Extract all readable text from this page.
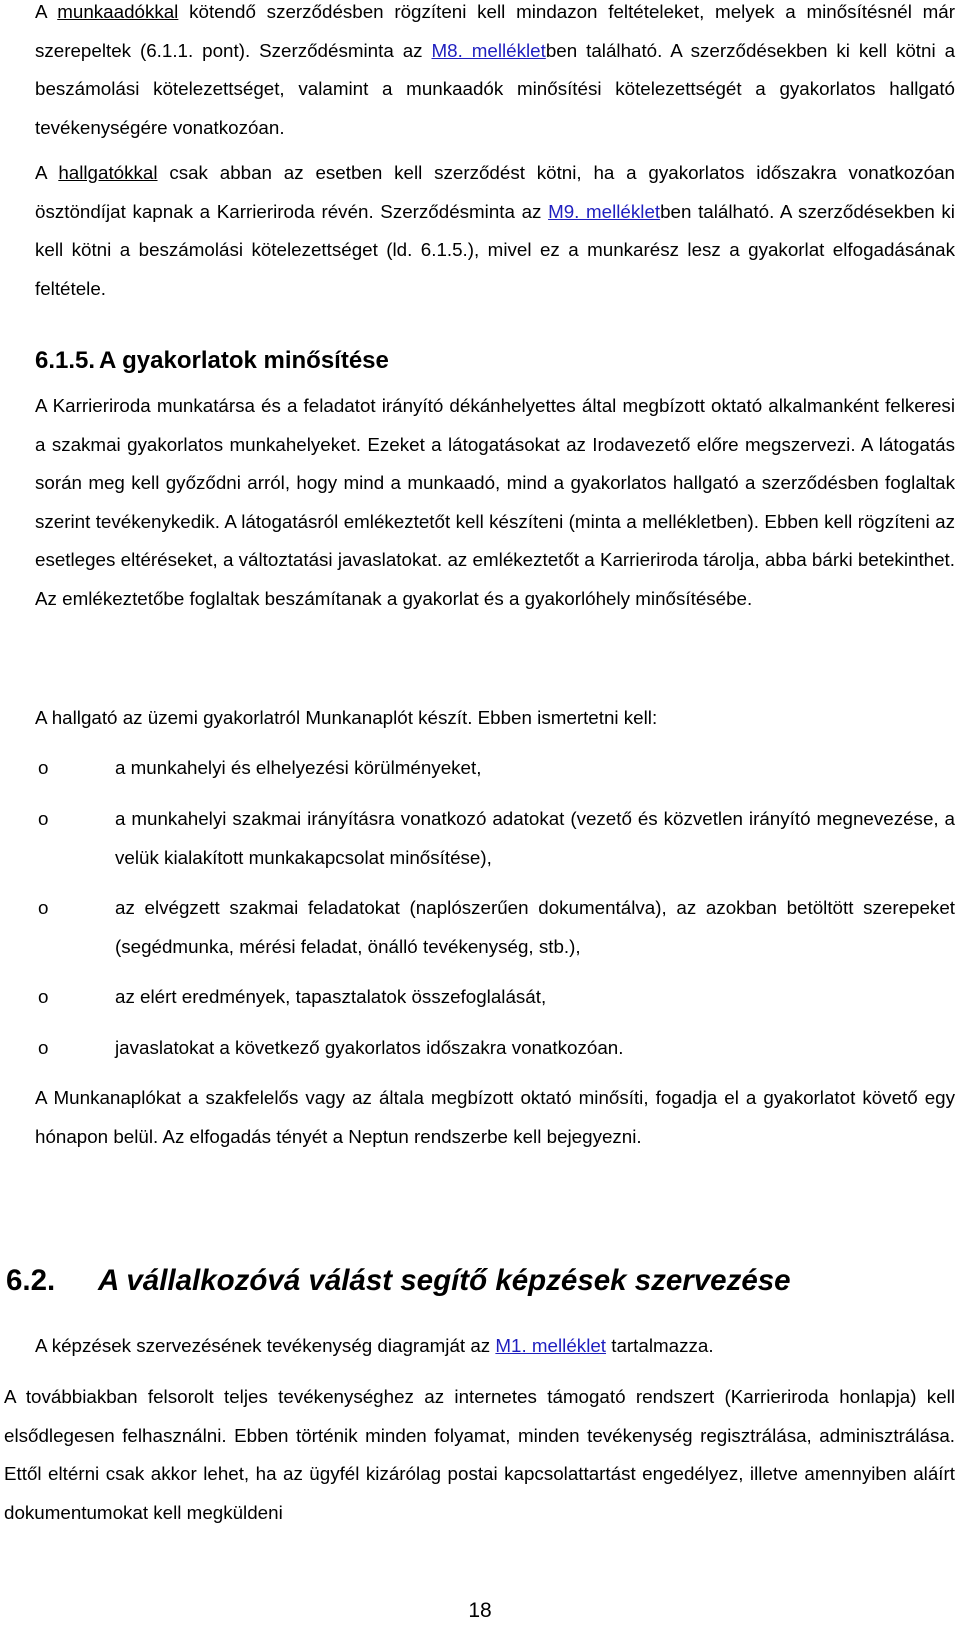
A munkaadókkal kötendő szerződésben rögzíteni kell mindazon feltételeket, melyek a minősítésnél már szerepeltek (6.1.1. pont). Szerződésminta az M8. mellékletben található. A szerződésekben ki kell kötni a beszámolási kötelezettséget, valamint a munkaadók minősítési kötelezettségét a gyakorlatos hallgató tevékenységére vonatkozóan.

A hallgatókkal csak abban az esetben kell szerződést kötni, ha a gyakorlatos időszakra vonatkozóan ösztöndíjat kapnak a Karrieriroda révén. Szerződésminta az M9. mellékletben található. A szerződésekben ki kell kötni a beszámolási kötelezettséget (ld. 6.1.5.), mivel ez a munkarész lesz a gyakorlat elfogadásának feltétele.

6.1.5. A gyakorlatok minősítése

A Karrieriroda munkatársa és a feladatot irányító dékánhelyettes által megbízott oktató alkalmanként felkeresi a szakmai gyakorlatos munkahelyeket. Ezeket a látogatásokat az Irodavezető előre megszervezi. A látogatás során meg kell győződni arról, hogy mind a munkaadó, mind a gyakorlatos hallgató a szerződésben foglaltak szerint tevékenykedik. A látogatásról emlékeztetőt kell készíteni (minta a mellékletben). Ebben kell rögzíteni az esetleges eltéréseket, a változtatási javaslatokat. az emlékeztetőt a Karrieriroda tárolja, abba bárki betekinthet. Az emlékeztetőbe foglaltak beszámítanak a gyakorlat és a gyakorlóhely minősítésébe.

A hallgató az üzemi gyakorlatról Munkanaplót készít. Ebben ismertetni kell:

o	a munkahelyi és elhelyezési körülményeket,
o	a munkahelyi szakmai irányításra vonatkozó adatokat (vezető és közvetlen irányító megnevezése, a velük kialakított munkakapcsolat minősítése),
o	az elvégzett szakmai feladatokat (naplószerűen dokumentálva), az azokban betöltött szerepeket (segédmunka, mérési feladat, önálló tevékenység, stb.),
o	az elért eredmények, tapasztalatok összefoglalását,
o	javaslatokat a következő gyakorlatos időszakra vonatkozóan.

A Munkanaplókat a szakfelelős vagy az általa megbízott oktató minősíti, fogadja el a gyakorlatot követő egy hónapon belül. Az elfogadás tényét a Neptun rendszerbe kell bejegyezni.

6.2. A vállalkozóvá válást segítő képzések szervezése

A képzések szervezésének tevékenység diagramját az M1. melléklet tartalmazza.

A továbbiakban felsorolt teljes tevékenységhez az internetes támogató rendszert (Karrieriroda honlapja) kell elsődlegesen felhasználni. Ebben történik minden folyamat, minden tevékenység regisztrálása, adminisztrálása. Ettől eltérni csak akkor lehet, ha az ügyfél kizárólag postai kapcsolattartást engedélyez, illetve amennyiben aláírt dokumentumokat kell megküldeni

18
